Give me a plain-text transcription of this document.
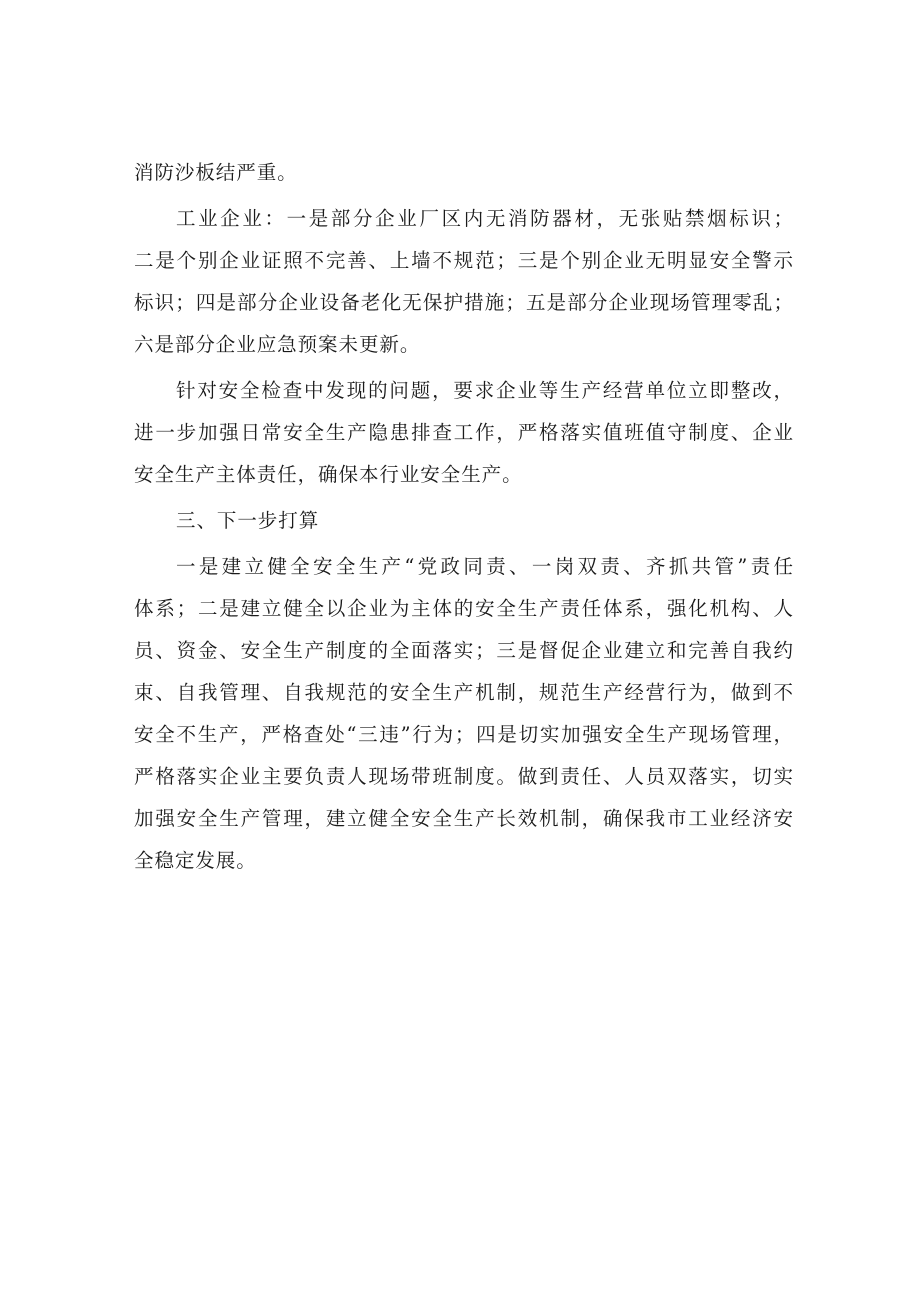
消防沙板结严重。
工业企业：一是部分企业厂区内无消防器材，无张贴禁烟标识；
二是个别企业证照不完善、上墙不规范；三是个别企业无明显安全警示
标识；四是部分企业设备老化无保护措施；五是部分企业现场管理零乱；
六是部分企业应急预案未更新。
针对安全检查中发现的问题，要求企业等生产经营单位立即整改，
进一步加强日常安全生产隐患排查工作，严格落实值班值守制度、企业
安全生产主体责任，确保本行业安全生产。
三、下一步打算
一是建立健全安全生产“党政同责、一岗双责、齐抓共管”责任
体系；二是建立健全以企业为主体的安全生产责任体系，强化机构、人
员、资金、安全生产制度的全面落实；三是督促企业建立和完善自我约
束、自我管理、自我规范的安全生产机制，规范生产经营行为，做到不
安全不生产，严格查处“三违”行为；四是切实加强安全生产现场管理，
严格落实企业主要负责人现场带班制度。做到责任、人员双落实，切实
加强安全生产管理，建立健全安全生产长效机制，确保我市工业经济安
全稳定发展。
